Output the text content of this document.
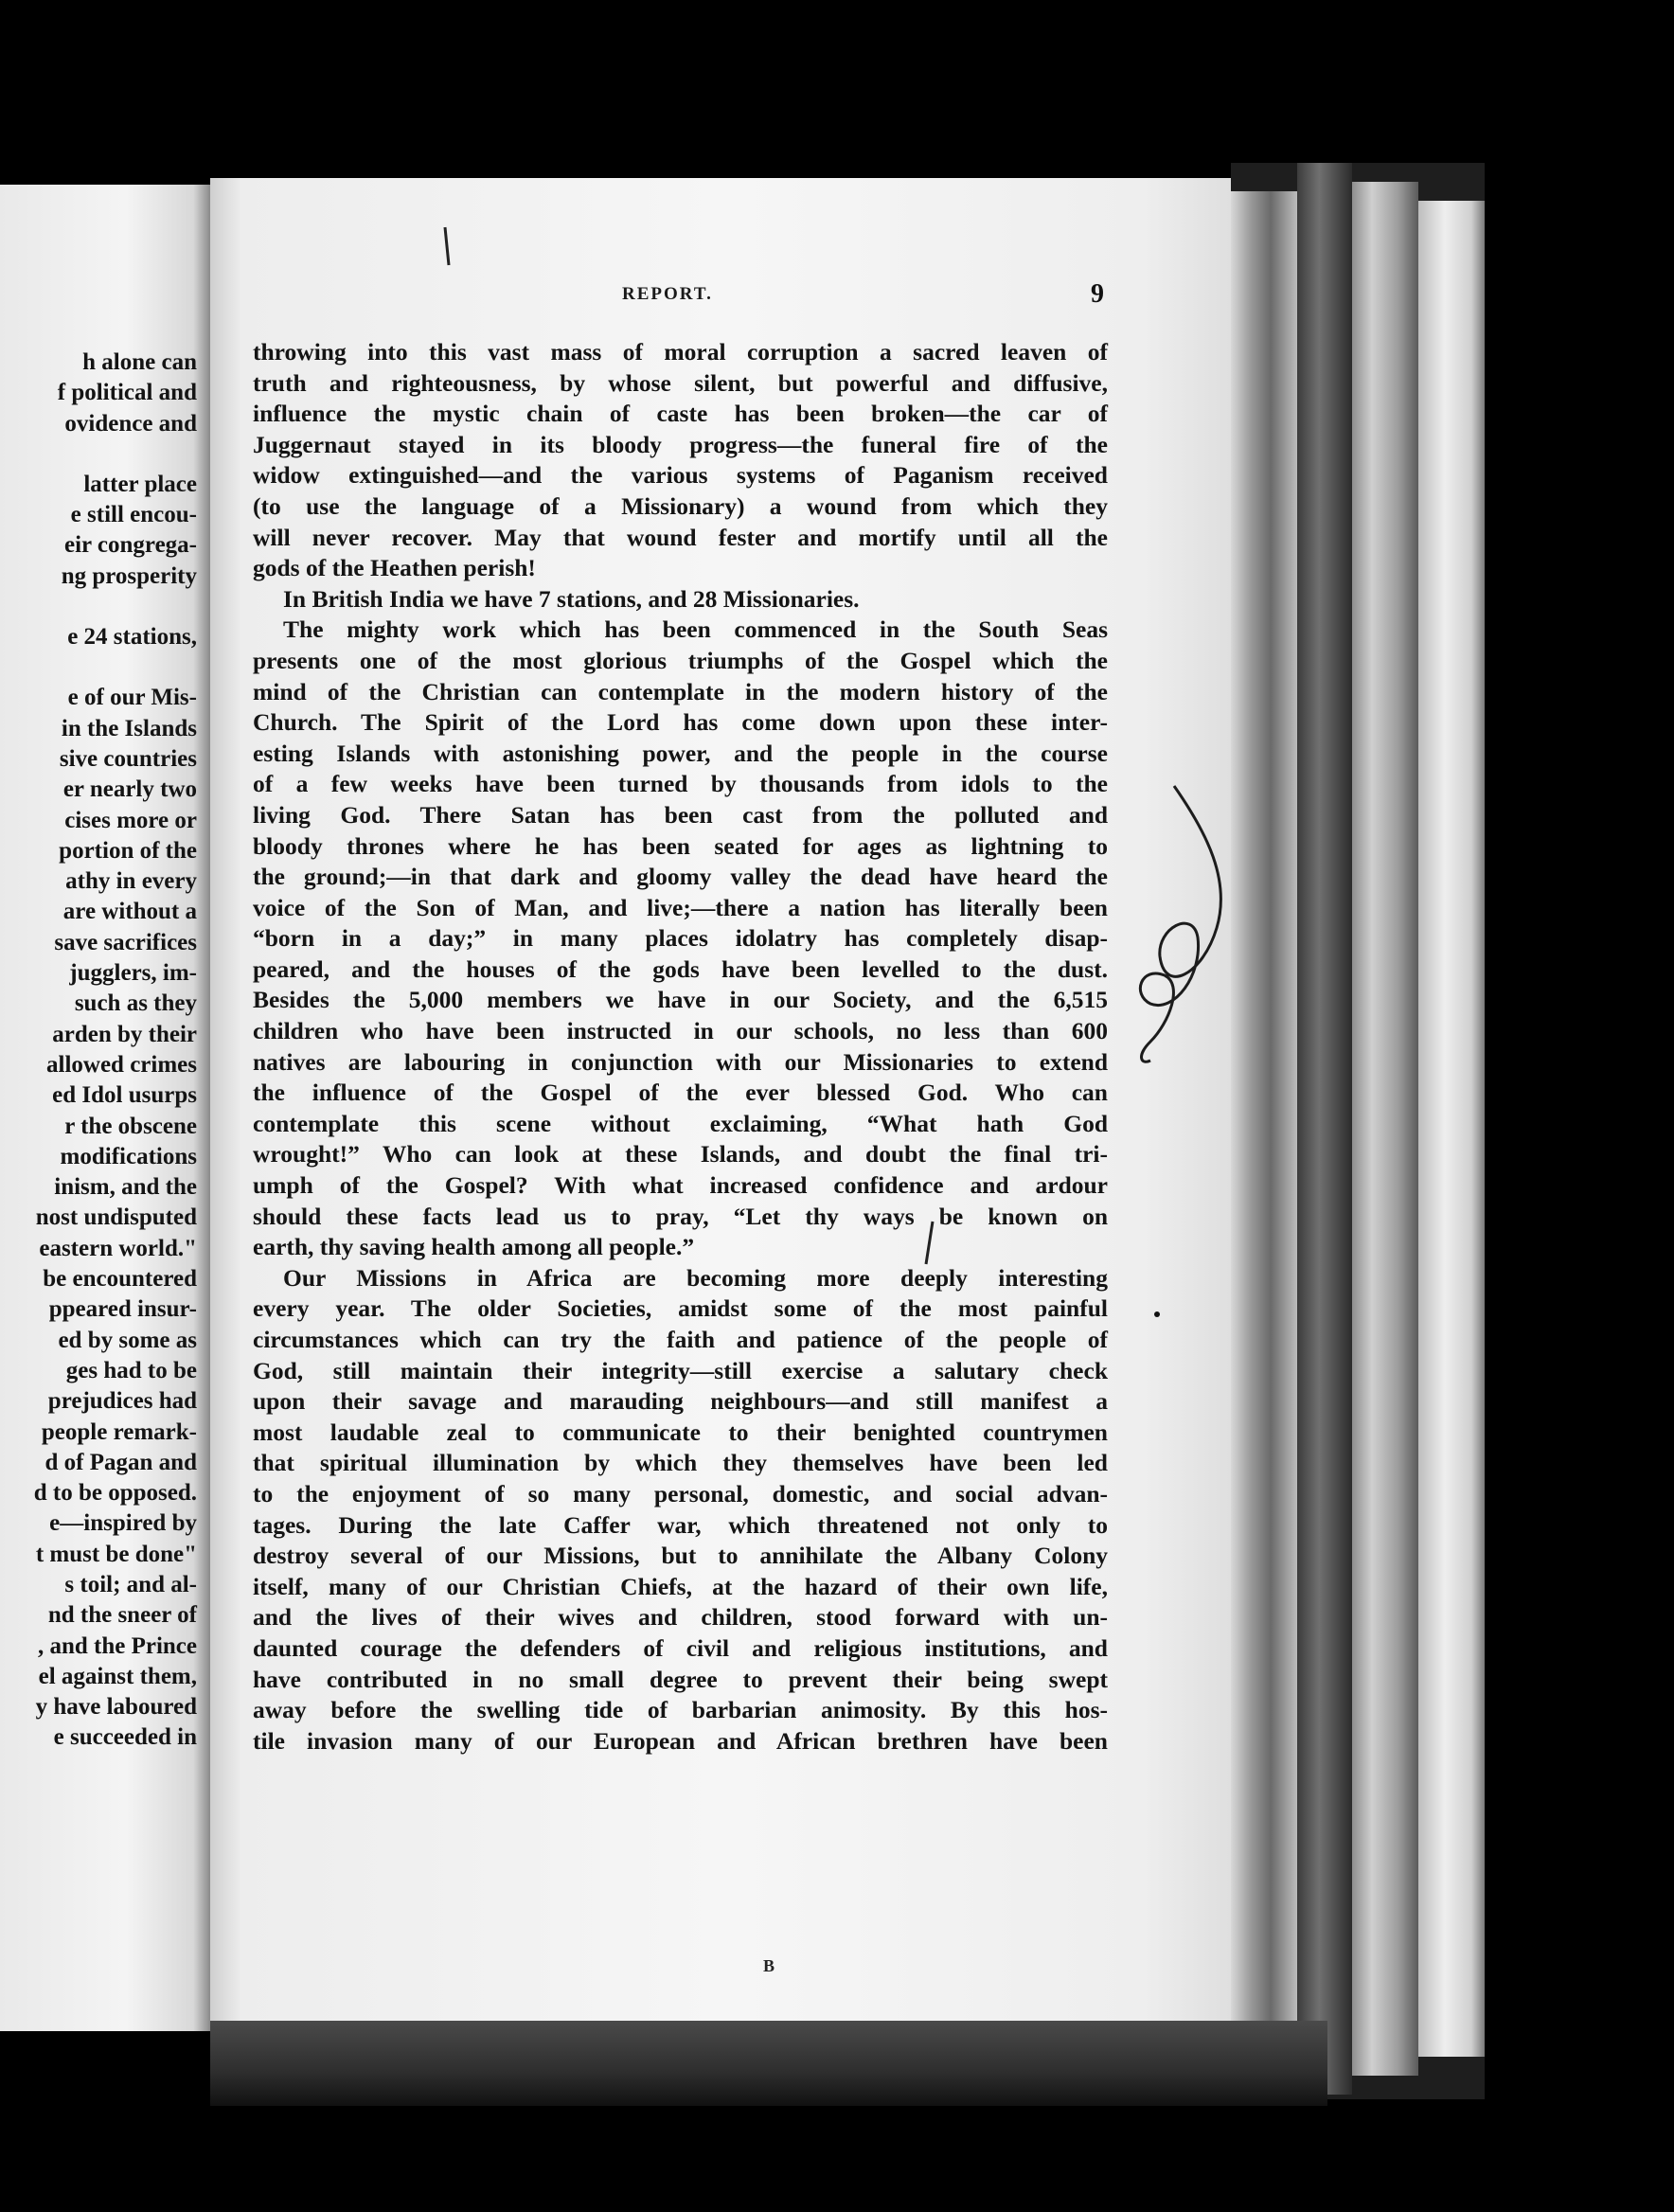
h alone can
f political and
ovidence and
latter place
e still encou-
eir congrega-
ng prosperity
e 24 stations,
e of our Mis-
in the Islands
sive countries
er nearly two
cises more or
portion of the
athy in every
are without a
save sacrifices
jugglers, im-
such as they
arden by their
allowed crimes
ed Idol usurps
r the obscene
modifications
inism, and the
nost undisputed
eastern world."
be encountered
ppeared insur-
ed by some as
ges had to be
prejudices had
people remark-
d of Pagan and
d to be opposed.
e—inspired by
t must be done"
s toil; and al-
nd the sneer of
, and the Prince
el against them,
y have laboured
e succeeded in
REPORT.	9
throwing into this vast mass of moral corruption a sacred leaven of
truth and righteousness, by whose silent, but powerful and diffusive,
influence the mystic chain of caste has been broken—the car of
Juggernaut stayed in its bloody progress—the funeral fire of the
widow extinguished—and the various systems of Paganism received
(to use the language of a Missionary) a wound from which they
will never recover. May that wound fester and mortify until all the
gods of the Heathen perish!
In British India we have 7 stations, and 28 Missionaries.
The mighty work which has been commenced in the South Seas
presents one of the most glorious triumphs of the Gospel which the
mind of the Christian can contemplate in the modern history of the
Church. The Spirit of the Lord has come down upon these inter-
esting Islands with astonishing power, and the people in the course
of a few weeks have been turned by thousands from idols to the
living God. There Satan has been cast from the polluted and
bloody thrones where he has been seated for ages as lightning to
the ground;—in that dark and gloomy valley the dead have heard the
voice of the Son of Man, and live;—there a nation has literally been
“born in a day;” in many places idolatry has completely disap-
peared, and the houses of the gods have been levelled to the dust.
Besides the 5,000 members we have in our Society, and the 6,515
children who have been instructed in our schools, no less than 600
natives are labouring in conjunction with our Missionaries to extend
the influence of the Gospel of the ever blessed God. Who can
contemplate this scene without exclaiming, “What hath God
wrought!” Who can look at these Islands, and doubt the final tri-
umph of the Gospel? With what increased confidence and ardour
should these facts lead us to pray, “Let thy ways be known on
earth, thy saving health among all people.”
Our Missions in Africa are becoming more deeply interesting
every year. The older Societies, amidst some of the most painful
circumstances which can try the faith and patience of the people of
God, still maintain their integrity—still exercise a salutary check
upon their savage and marauding neighbours—and still manifest a
most laudable zeal to communicate to their benighted countrymen
that spiritual illumination by which they themselves have been led
to the enjoyment of so many personal, domestic, and social advan-
tages. During the late Caffer war, which threatened not only to
destroy several of our Missions, but to annihilate the Albany Colony
itself, many of our Christian Chiefs, at the hazard of their own life,
and the lives of their wives and children, stood forward with un-
daunted courage the defenders of civil and religious institutions, and
have contributed in no small degree to prevent their being swept
away before the swelling tide of barbarian animosity. By this hos-
tile invasion many of our European and African brethren have been
B
